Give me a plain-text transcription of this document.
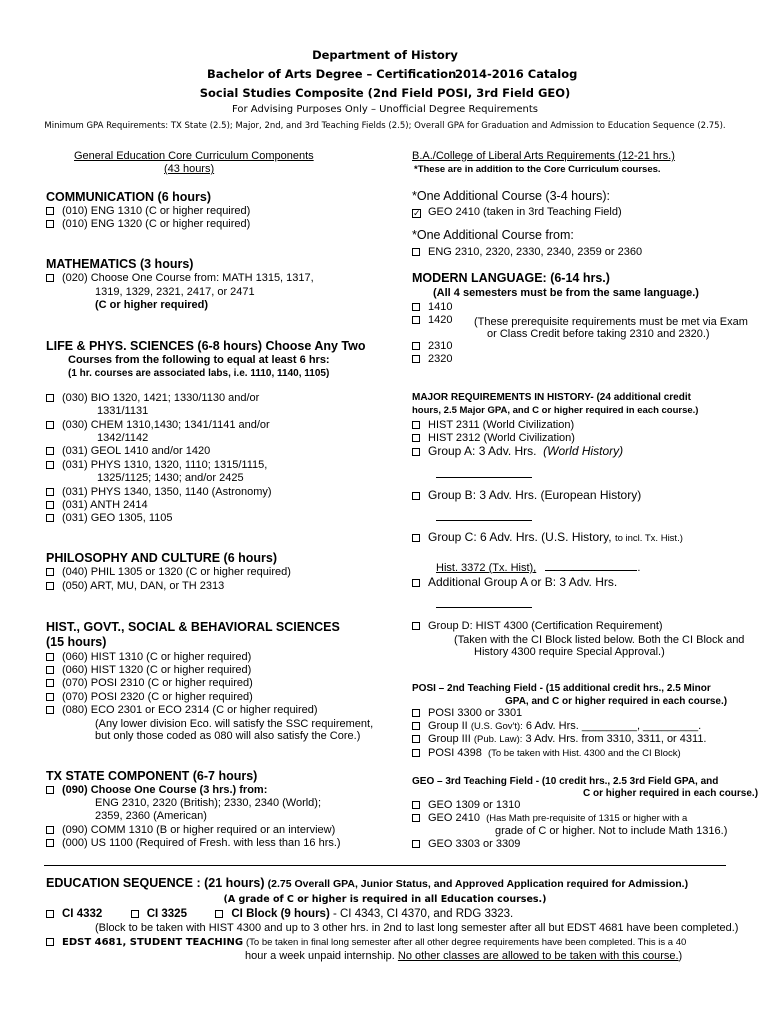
Department of History
Bachelor of Arts Degree – Certification
2014-2016 Catalog
Social Studies Composite (2nd Field POSI, 3rd Field GEO)
For Advising Purposes Only – Unofficial Degree Requirements
Minimum GPA Requirements: TX State (2.5); Major, 2nd, and 3rd Teaching Fields (2.5); Overall GPA for Graduation and Admission to Education Sequence (2.75).
General Education Core Curriculum Components
(43 hours)
COMMUNICATION (6 hours)
(010) ENG 1310 (C or higher required)
(010) ENG 1320 (C or higher required)
MATHEMATICS (3 hours)
(020) Choose One Course from: MATH 1315, 1317,
1319, 1329, 2321, 2417, or 2471
(C or higher required)
LIFE & PHYS. SCIENCES (6-8 hours) Choose Any Two
Courses from the following to equal at least 6 hrs:
(1 hr. courses are associated labs, i.e. 1110, 1140, 1105)
(030) BIO 1320, 1421; 1330/1130 and/or
1331/1131
(030) CHEM 1310,1430; 1341/1141 and/or
1342/1142
(031) GEOL 1410 and/or 1420
(031) PHYS 1310, 1320, 1110; 1315/1115,
1325/1125; 1430; and/or 2425
(031) PHYS 1340, 1350, 1140 (Astronomy)
(031) ANTH 2414
(031) GEO 1305, 1105
PHILOSOPHY AND CULTURE (6 hours)
(040) PHIL 1305 or 1320 (C or higher required)
(050) ART, MU, DAN, or TH 2313
HIST., GOVT., SOCIAL & BEHAVIORAL SCIENCES
(15 hours)
(060) HIST 1310 (C or higher required)
(060) HIST 1320 (C or higher required)
(070) POSI 2310 (C or higher required)
(070) POSI 2320 (C or higher required)
(080) ECO 2301 or ECO 2314 (C or higher required)
(Any lower division Eco. will satisfy the SSC requirement,
but only those coded as 080 will also satisfy the Core.)
TX STATE COMPONENT (6-7 hours)
(090) Choose One Course (3 hrs.) from:
ENG 2310, 2320 (British); 2330, 2340 (World);
2359, 2360 (American)
(090) COMM 1310 (B or higher required or an interview)
(000) US 1100 (Required of Fresh. with less than 16 hrs.)
B.A./College of Liberal Arts Requirements (12-21 hrs.)
*These are in addition to the Core Curriculum courses.
*One Additional Course (3-4 hours):
✓ GEO 2410 (taken in 3rd Teaching Field)
*One Additional Course from:
ENG 2310, 2320, 2330, 2340, 2359 or 2360
MODERN LANGUAGE: (6-14 hrs.)
(All 4 semesters must be from the same language.)
1410
1420 (These prerequisite requirements must be met via Exam
or Class Credit before taking 2310 and 2320.)
2310
2320
MAJOR REQUIREMENTS IN HISTORY- (24 additional credit
hours, 2.5 Major GPA, and C or higher required in each course.)
HIST 2311 (World Civilization)
HIST 2312 (World Civilization)
Group A: 3 Adv. Hrs. (World History)
Group B: 3 Adv. Hrs. (European History)
Group C: 6 Adv. Hrs. (U.S. History, to incl. Tx. Hist.)
Hist. 3372 (Tx. Hist),	.
Additional Group A or B: 3 Adv. Hrs.
Group D: HIST 4300 (Certification Requirement)
(Taken with the CI Block listed below. Both the CI Block and
History 4300 require Special Approval.)
POSI – 2nd Teaching Field - (15 additional credit hrs., 2.5 Minor
GPA, and C or higher required in each course.)
POSI 3300 or 3301
Group II (U.S. Gov't): 6 Adv. Hrs. _________, _________.
Group III (Pub. Law): 3 Adv. Hrs. from 3310, 3311, or 4311.
POSI 4398 (To be taken with Hist. 4300 and the CI Block)
GEO – 3rd Teaching Field - (10 credit hrs., 2.5 3rd Field GPA, and
C or higher required in each course.)
GEO 1309 or 1310
GEO 2410 (Has Math pre-requisite of 1315 or higher with a
grade of C or higher. Not to include Math 1316.)
GEO 3303 or 3309
EDUCATION SEQUENCE : (21 hours) (2.75 Overall GPA, Junior Status, and Approved Application required for Admission.)
(A grade of C or higher is required in all Education courses.)
CI 4332	CI 3325	CI Block (9 hours) - CI 4343, CI 4370, and RDG 3323.
(Block to be taken with HIST 4300 and up to 3 other hrs. in 2nd to last long semester after all but EDST 4681 have been completed.)
EDST 4681, STUDENT TEACHING (To be taken in final long semester after all other degree requirements have been completed. This is a 40
hour a week unpaid internship. No other classes are allowed to be taken with this course.)
